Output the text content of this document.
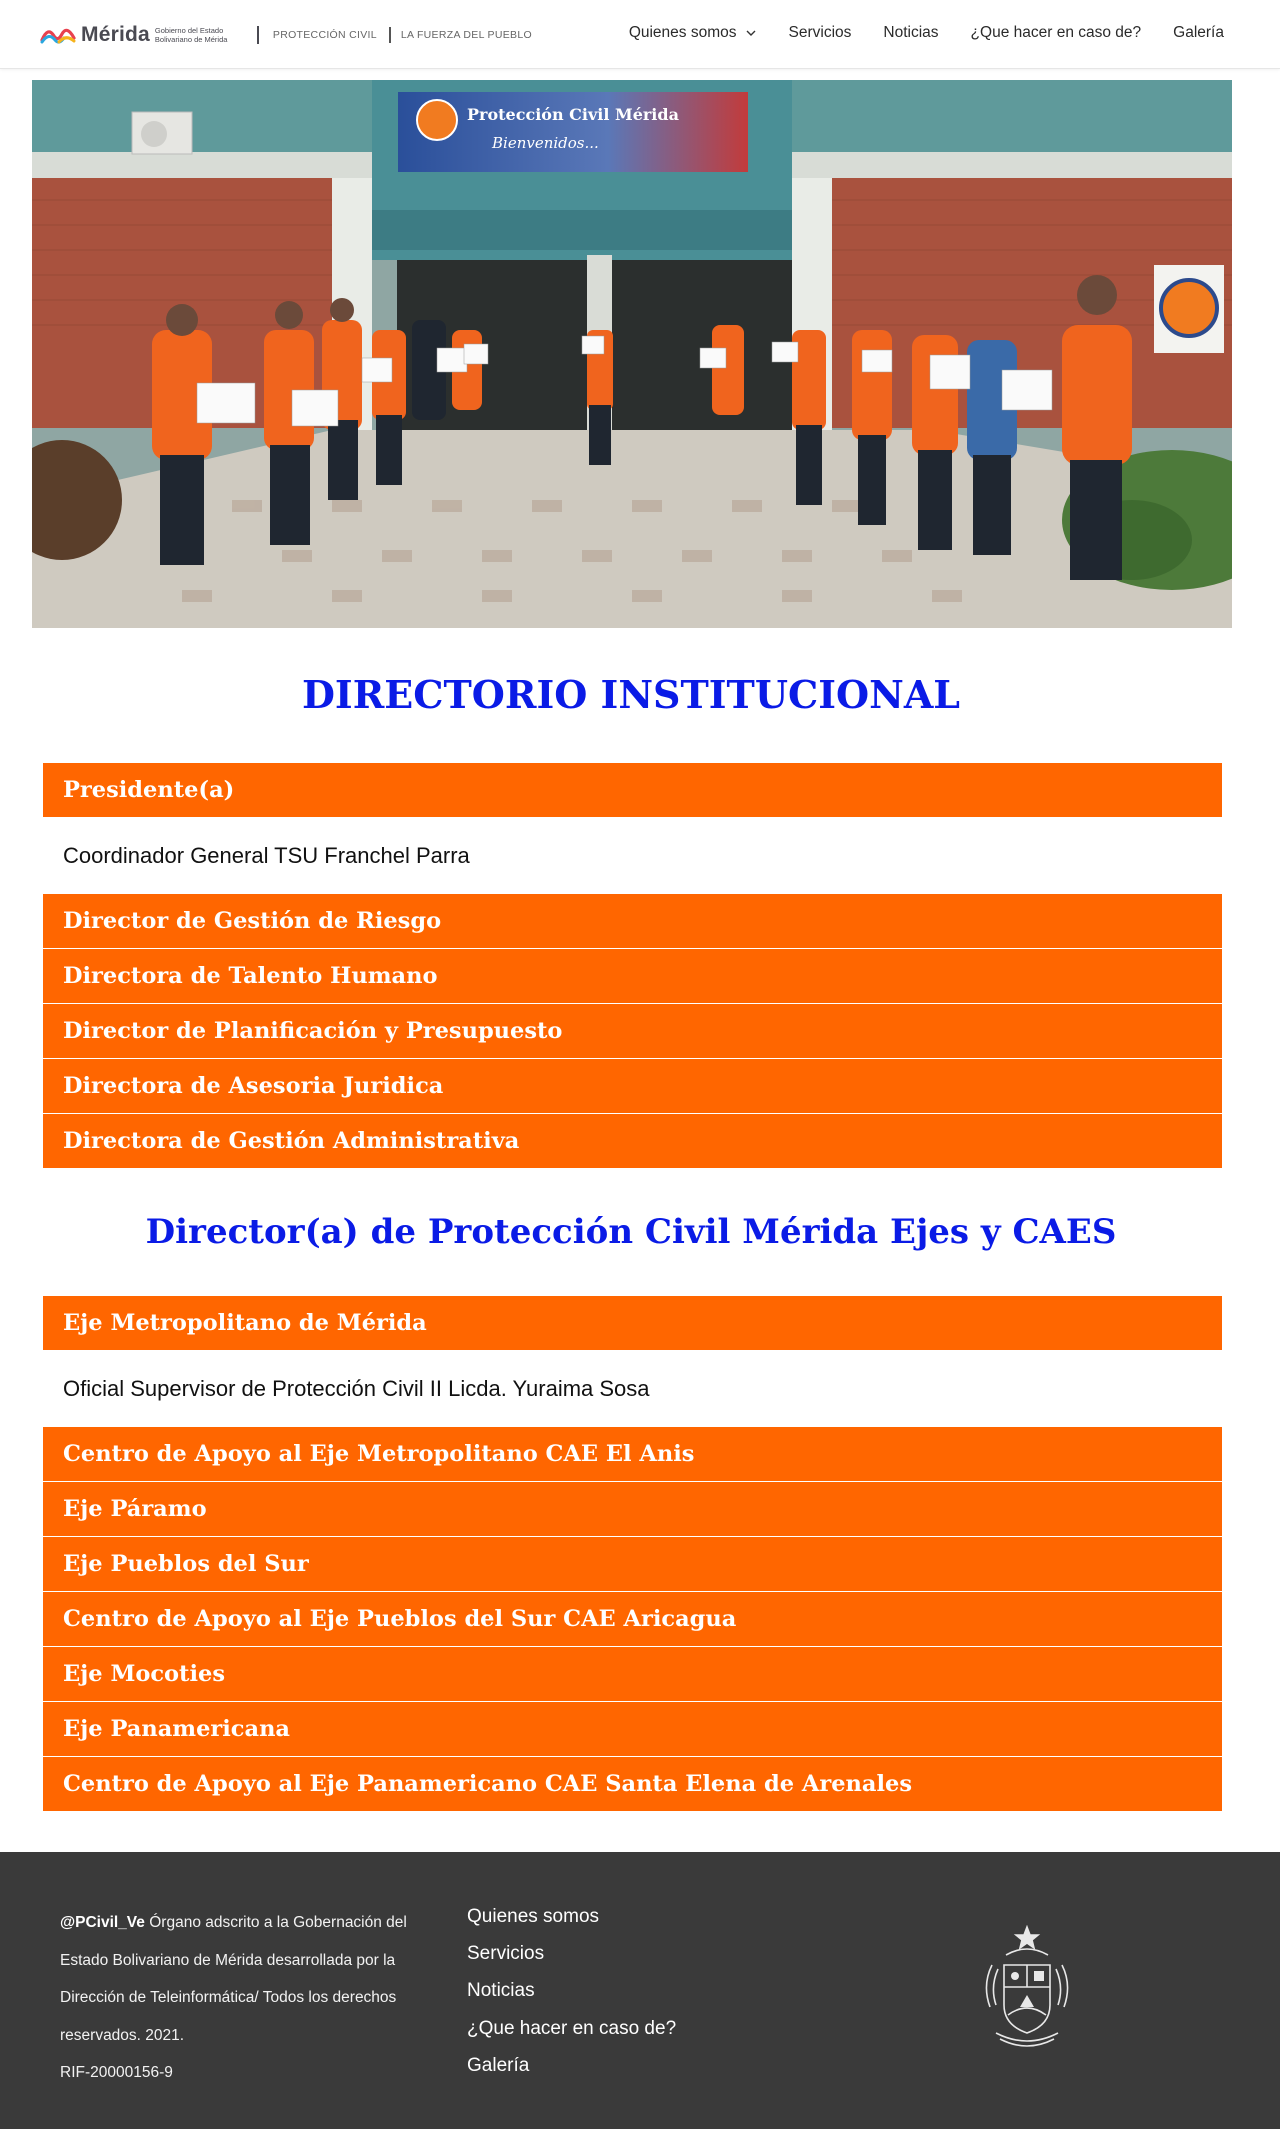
Mérida Gobierno del Estado Bolivariano de Mérida	PROTECCIÓN CIVIL LA FUERZA DEL PUEBLO	Quienes somos	Servicios Noticias ¿Que hacer en caso de? Galería
Protección Civil Mérida
Bienvenidos...
DIRECTORIO INSTITUCIONAL
Presidente(a)
Coordinador General TSU Franchel Parra
Director de Gestión de Riesgo
Directora de Talento Humano
Director de Planificación y Presupuesto
Directora de Asesoria Juridica
Directora de Gestión Administrativa
Director(a) de Protección Civil Mérida Ejes y CAES
Eje Metropolitano de Mérida
Oficial Supervisor de Protección Civil II Licda. Yuraima Sosa
Centro de Apoyo al Eje Metropolitano CAE El Anis
Eje Páramo
Eje Pueblos del Sur
Centro de Apoyo al Eje Pueblos del Sur CAE Aricagua
Eje Mocoties
Eje Panamericana
Centro de Apoyo al Eje Panamericano CAE Santa Elena de Arenales
@PCivil_Ve Órgano adscrito a la Gobernación del Estado Bolivariano de Mérida desarrollada por la Dirección de Teleinformática/ Todos los derechos reservados. 2021.
RIF-20000156-9
Quienes somos
Servicios
Noticias
¿Que hacer en caso de?
Galería
